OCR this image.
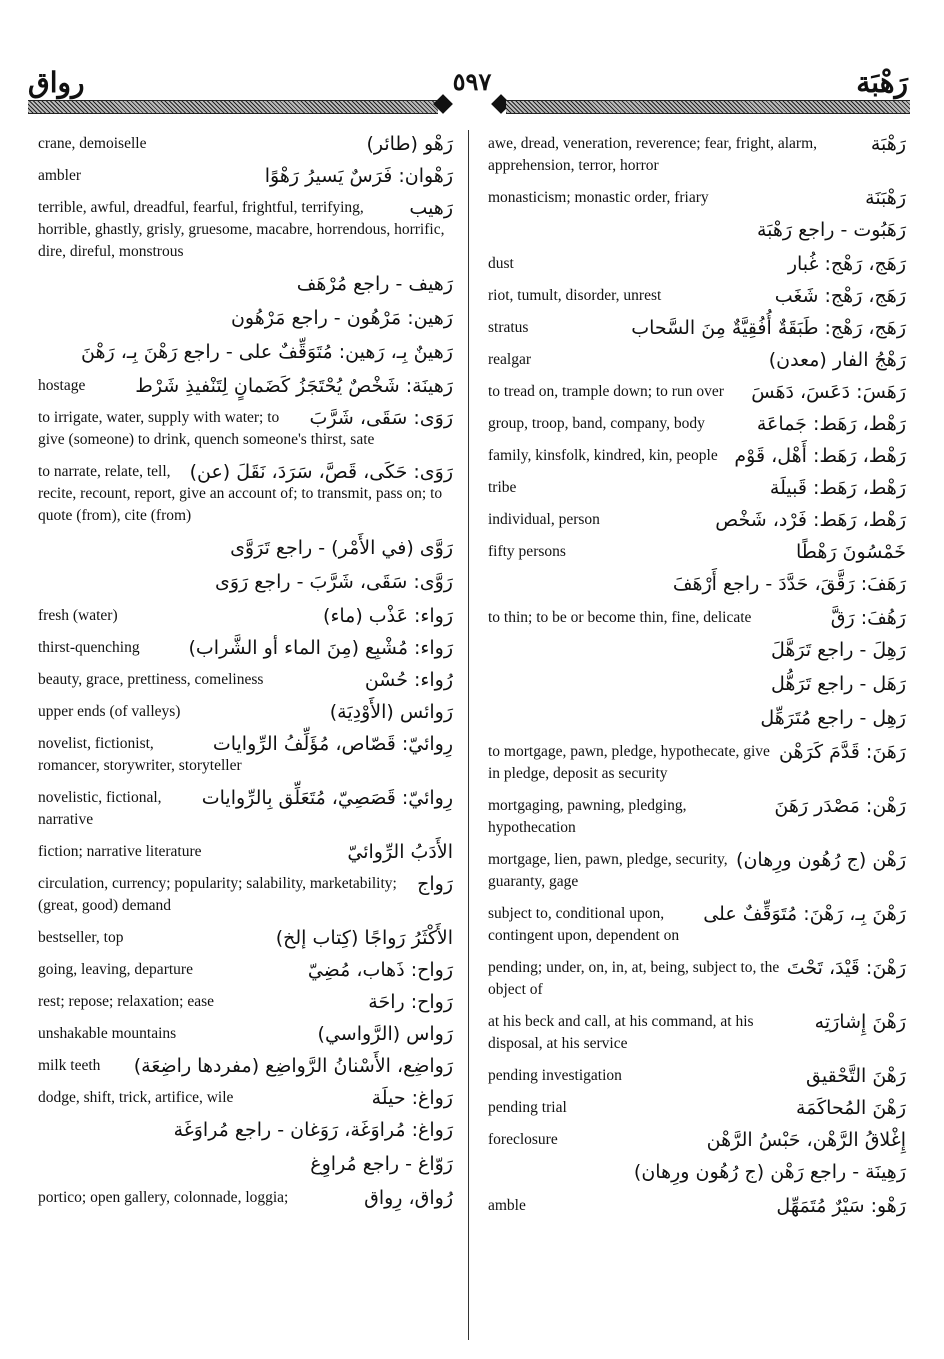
رواق	٥٩٧	رَهْبَة
رَهْو (طائر)
crane, demoiselle
رَهْوان: فَرَسٌ يَسيرُ رَهْوًا
ambler
رَهيب
terrible, awful, dreadful, fearful, frightful, terrifying, horrible, ghastly, grisly, gruesome, macabre, horrendous, horrific, dire, direful, monstrous
رَهيف - راجع مُرْهَف
رَهين: مَرْهُون - راجع مَرْهُون
رَهينٌ بِـ، رَهين: مُتَوَقِّفٌ على - راجع رَهْنَ بِـ، رَهْنَ
رَهينَة: شَخْصٌ يُحْتَجَزُ كَضَمانٍ لِتَنْفيذِ شَرْط
hostage
رَوَى: سَقَى، شَرَّبَ
to irrigate, water, supply with water; to give (someone) to drink, quench someone's thirst, sate
رَوَى: حَكَى، قَصَّ، سَرَدَ، نَقَلَ (عن)
to narrate, relate, tell, recite, recount, report, give an account of; to transmit, pass on; to quote (from), cite (from)
رَوَّى (في الأَمْر) - راجع تَرَوَّى
رَوَّى: سَقَى، شَرَّبَ - راجع رَوَى
رَواء: عَذْب (ماء)
fresh (water)
رَواء: مُشْبِع (مِنَ الماء أو الشَّراب)
thirst-quenching
رُواء: حُسْن
beauty, grace, prettiness, comeliness
رَوائس (الأَوْدِيَة)
upper ends (of valleys)
رِوائيّ: قَصّاص، مُؤَلِّفُ الرِّوايات
novelist, fictionist, romancer, storywriter, storyteller
رِوائيّ: قَصَصِيّ، مُتَعَلِّق بِالرِّوايات
novelistic, fictional, narrative
الأَدَبُ الرِّوائيّ
fiction; narrative literature
رَواج
circulation, currency; popularity; salability, marketability; (great, good) demand
الأَكْثَرُ رَواجًا (كِتاب إلخ)
bestseller, top
رَواح: ذَهاب، مُضِيّ
going, leaving, departure
رَواح: راحَة
rest; repose; relaxation; ease
رَواس (الرَّواسي)
unshakable mountains
رَواضِع، الأَسْنانُ الرَّواضِع (مفردها راضِعَة)
milk teeth
رَواغ: حيلَة
dodge, shift, trick, artifice, wile
رَواغ: مُراوَغَة، رَوَغان - راجع مُراوَغَة
رَوّاغ - راجع مُراوِغ
رُواق، رِواق
portico; open gallery, colonnade, loggia;
رَهْبَة
awe, dread, veneration, reverence; fear, fright, alarm, apprehension, terror, horror
رَهْبَنَة
monasticism; monastic order, friary
رَهَبُوت - راجع رَهْبَة
رَهَج، رَهْج: غُبار
dust
رَهَج، رَهْج: شَغَب
riot, tumult, disorder, unrest
رَهَج، رَهْج: طَبَقَةٌ أُفُقِيَّةٌ مِنَ السَّحاب
stratus
رَهْجُ الفار (معدن)
realgar
رَهَسَ: دَعَسَ، دَهَسَ
to tread on, trample down; to run over
رَهْط، رَهَط: جَماعَة
group, troop, band, company, body
رَهْط، رَهَط: أَهْل، قَوْم
family, kinsfolk, kindred, kin, people
رَهْط، رَهَط: قَبيلَة
tribe
رَهْط، رَهَط: فَرْد، شَخْص
individual, person
خَمْسُونَ رَهْطًا
fifty persons
رَهَفَ: رَقَّقَ، حَدَّدَ - راجع أَرْهَفَ
رَهُفَ: رَقَّ
to thin; to be or become thin, fine, delicate
رَهِلَ - راجع تَرَهَّلَ
رَهَل - راجع تَرَهُّل
رَهِل - راجع مُتَرَهِّل
رَهَنَ: قَدَّمَ كَرَهْن
to mortgage, pawn, pledge, hypothecate, give in pledge, deposit as security
رَهْن: مَصْدَر رَهَنَ
mortgaging, pawning, pledging, hypothecation
رَهْن (ج رُهُون ورِهان)
mortgage, lien, pawn, pledge, security, guaranty, gage
رَهْنَ بِـ، رَهْنَ: مُتَوَقِّفٌ على
subject to, conditional upon, contingent upon, dependent on
رَهْنَ: قَيْدَ، تَحْتَ
pending; under, on, in, at, being, subject to, the object of
رَهْنَ إِشارَتِه
at his beck and call, at his command, at his disposal, at his service
رَهْنَ التَّحْقيق
pending investigation
رَهْنَ المُحاكَمَة
pending trial
إِغْلاقُ الرَّهْن، حَبْسُ الرَّهْن
foreclosure
رَهِينَة - راجع رَهْن (ج رُهُون ورِهان)
رَهْو: سَيْرٌ مُتَمَهِّل
amble
